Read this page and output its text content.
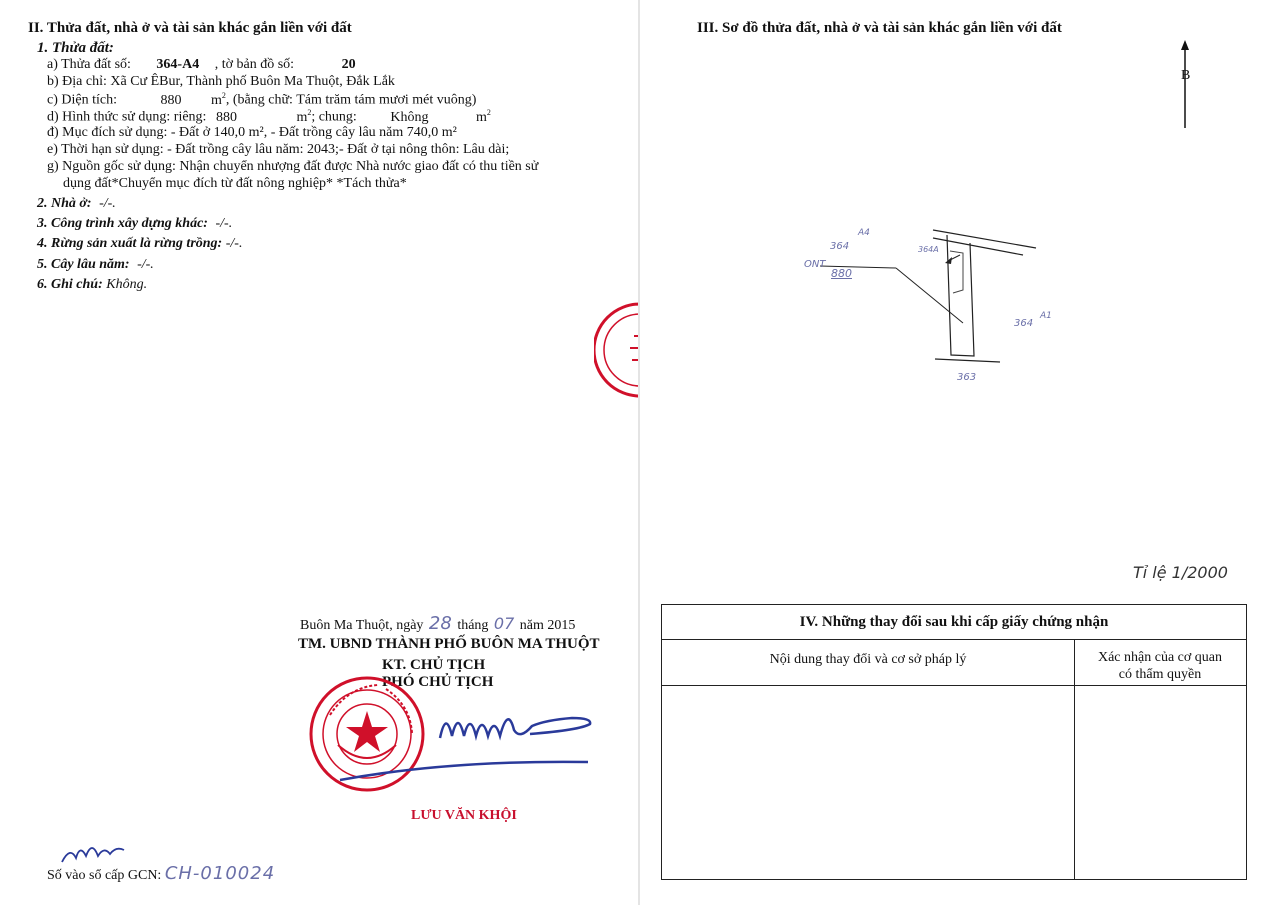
II. Thửa đất, nhà ở và tài sản khác gắn liền với đất
1. Thửa đất:
a) Thửa đất số: 364-A4 , tờ bản đồ số:	20
b) Địa chỉ: Xã Cư ÊBur, Thành phố Buôn Ma Thuột, Đắk Lắk
c) Diện tích:	880 $m^2$, (bằng chữ: Tám trăm tám mươi mét vuông)
d) Hình thức sử dụng: riêng: 880	$m^2$; chung: Không	$m^2$
đ) Mục đích sử dụng: - Đất ở 140,0 m², - Đất trồng cây lâu năm 740,0 m²
e) Thời hạn sử dụng: - Đất trồng cây lâu năm: 2043;- Đất ở tại nông thôn: Lâu dài;
g) Nguồn gốc sử dụng: Nhận chuyển nhượng đất được Nhà nước giao đất có thu tiền sử
dụng đất*Chuyển mục đích từ đất nông nghiệp* *Tách thửa*
2. Nhà ở: -/-.
3. Công trình xây dựng khác: -/-.
4. Rừng sản xuất là rừng trồng: -/-.
5. Cây lâu năm: -/-.
6. Ghi chú: Không.
Buôn Ma Thuột, ngày 28 tháng 07 năm 2015
TM. UBND THÀNH PHỐ BUÔN MA THUỘT
KT. CHỦ TỊCH
PHÓ CHỦ TỊCH
LƯU VĂN KHỘI
Số vào sổ cấp GCN: CH-010024
III. Sơ đồ thửa đất, nhà ở và tài sản khác gắn liền với đất
B
A4
364	364A
ONT
880
364
A1
363
Tỉ lệ 1/2000
IV. Những thay đổi sau khi cấp giấy chứng nhận
Nội dung thay đổi và cơ sở pháp lý	Xác nhận của cơ quan
có thẩm quyền
